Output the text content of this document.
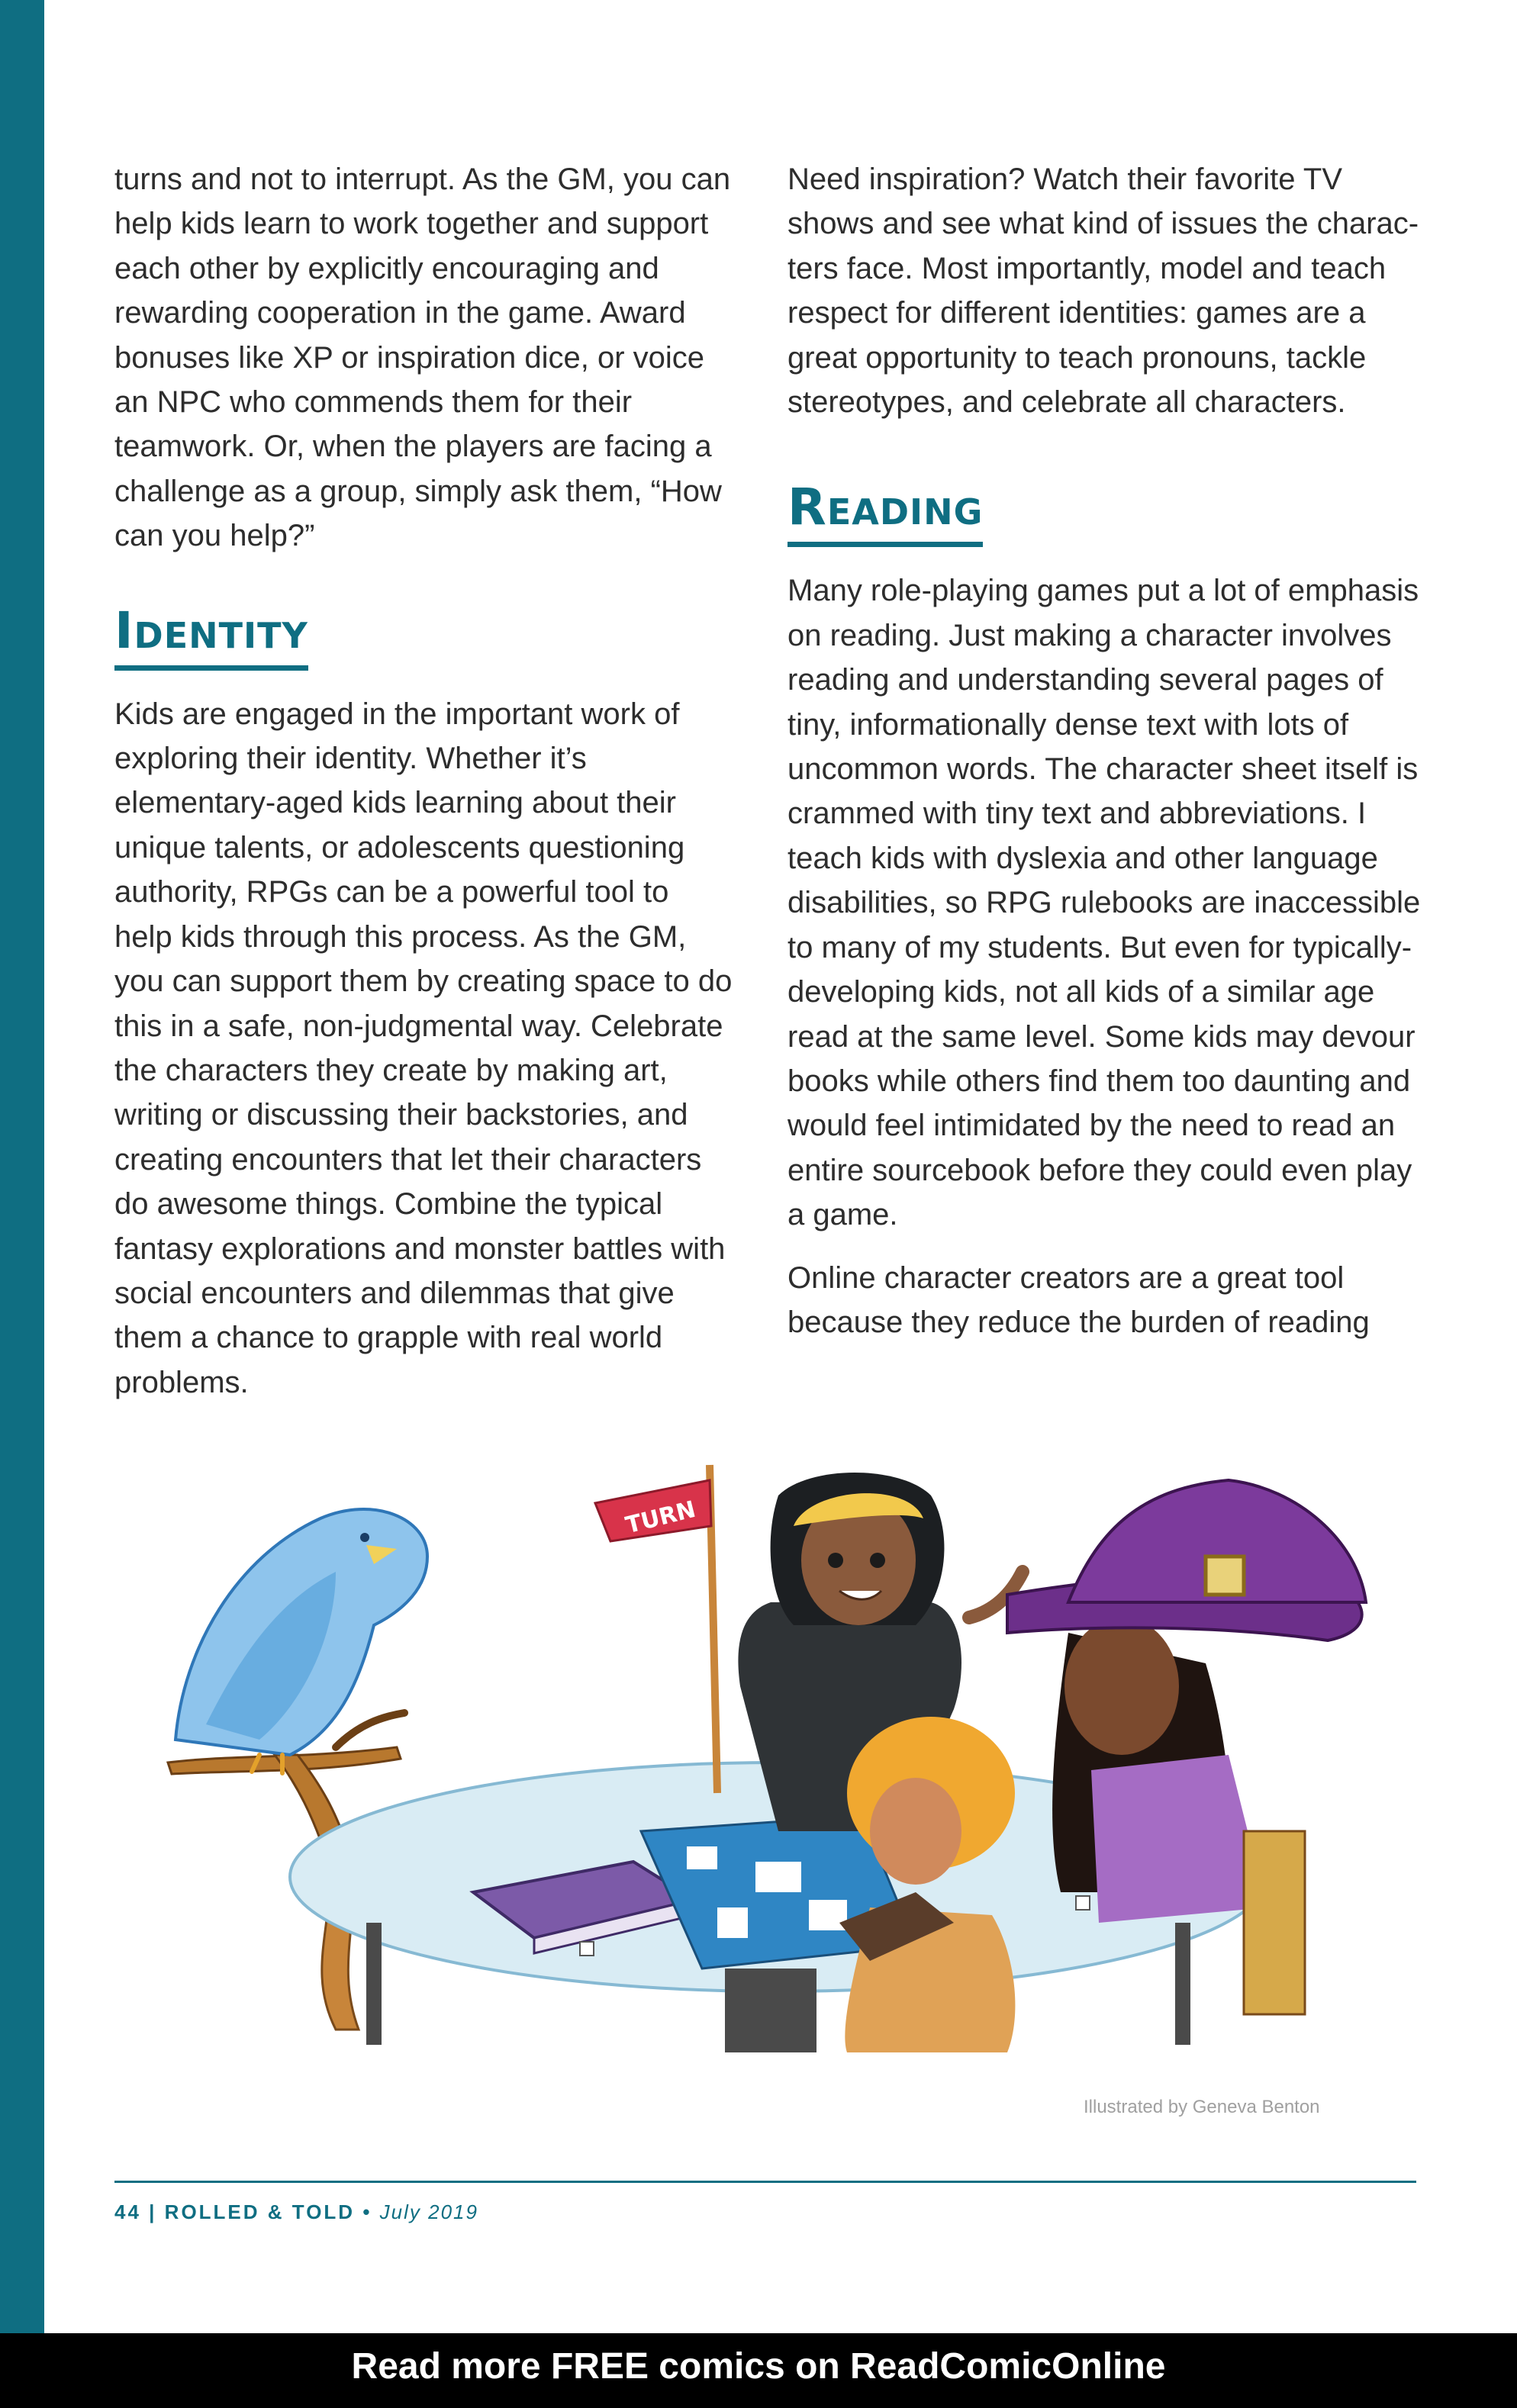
turns and not to interrupt. As the GM, you can help kids learn to work together and support each other by explicitly encouraging and rewarding cooperation in the game. Award bonuses like XP or inspiration dice, or voice an NPC who commends them for their teamwork. Or, when the players are facing a challenge as a group, simply ask them, “How can you help?”

Identity

Kids are engaged in the important work of exploring their identity. Whether it’s elementary-aged kids learning about their unique talents, or adolescents questioning authority, RPGs can be a powerful tool to help kids through this process. As the GM, you can support them by creating space to do this in a safe, non-judgmental way. Celebrate the characters they create by making art, writing or discussing their backstories, and creating encounters that let their characters do awesome things. Combine the typical fantasy explorations and monster battles with social encounters and dilemmas that give them a chance to grapple with real world problems.

Need inspiration? Watch their favorite TV shows and see what kind of issues the charac-ters face. Most importantly, model and teach respect for different identities: games are a great opportunity to teach pronouns, tackle stereotypes, and celebrate all characters.

Reading

Many role-playing games put a lot of emphasis on reading. Just making a character involves reading and understanding several pages of tiny, informationally dense text with lots of uncommon words. The character sheet itself is crammed with tiny text and abbreviations. I teach kids with dyslexia and other language disabilities, so RPG rulebooks are inaccessible to many of my students. But even for typically-developing kids, not all kids of a similar age read at the same level. Some kids may devour books while others find them too daunting and would feel intimidated by the need to read an entire sourcebook before they could even play a game.

Online character creators are a great tool because they reduce the burden of reading

TURN
Illustrated by Geneva Benton
44 | ROLLED & TOLD • July 2019
Read more FREE comics on ReadComicOnline
